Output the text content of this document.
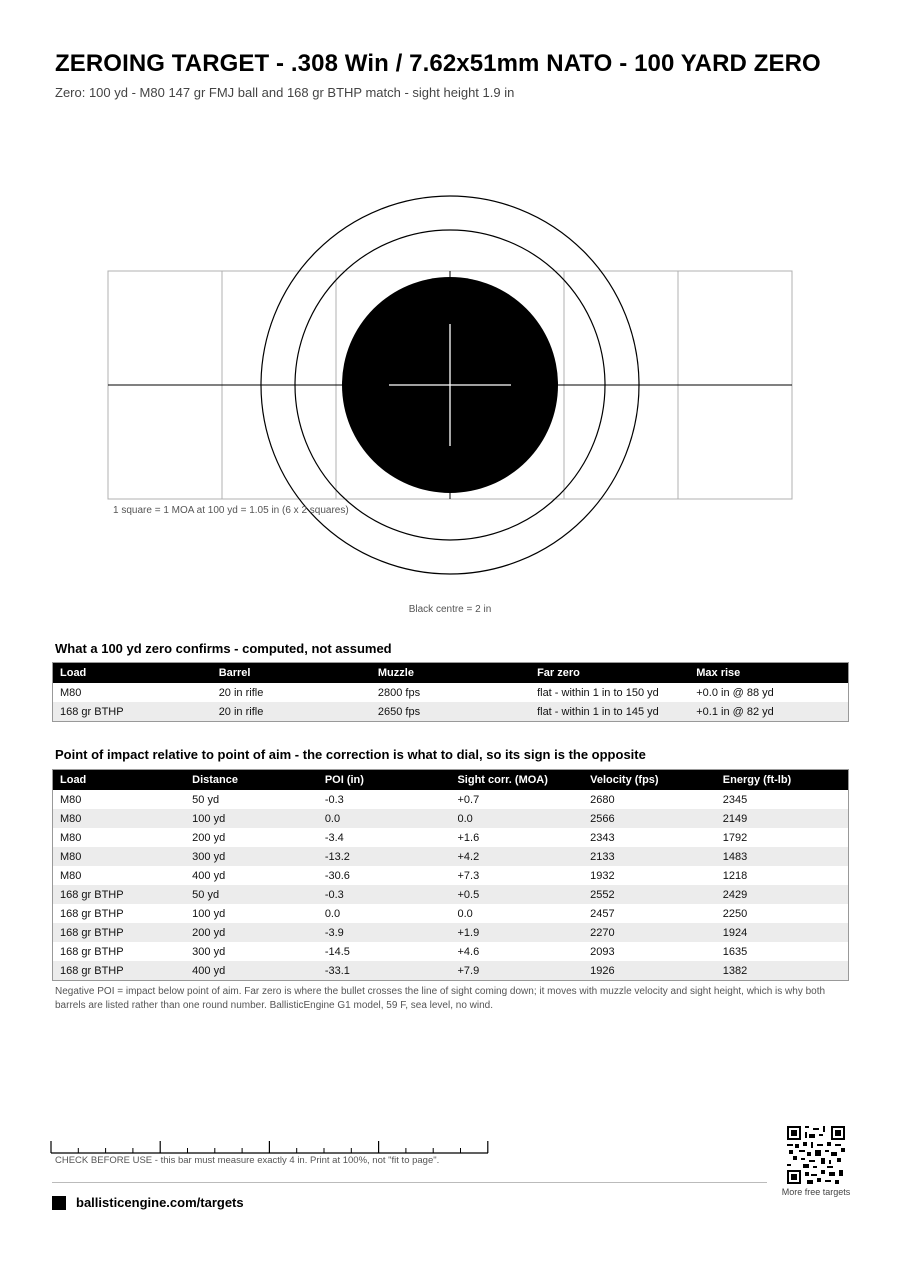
ZEROING TARGET - .308 Win / 7.62x51mm NATO - 100 YARD ZERO
Zero: 100 yd - M80 147 gr FMJ ball and 168 gr BTHP match - sight height 1.9 in
1 square = 1 MOA at 100 yd = 1.05 in (6 x 2 squares)
Black centre = 2 in
What a 100 yd zero confirms - computed, not assumed
Load	Barrel	Muzzle	Far zero	Max rise
M80	20 in rifle	2800 fps	flat - within 1 in to 150 yd	+0.0 in @ 88 yd
168 gr BTHP	20 in rifle	2650 fps	flat - within 1 in to 145 yd	+0.1 in @ 82 yd
Point of impact relative to point of aim - the correction is what to dial, so its sign is the opposite
Load	Distance	POI (in)	Sight corr. (MOA)	Velocity (fps)	Energy (ft-lb)
M80	50 yd	-0.3	+0.7	2680	2345
M80	100 yd	0.0	0.0	2566	2149
M80	200 yd	-3.4	+1.6	2343	1792
M80	300 yd	-13.2	+4.2	2133	1483
M80	400 yd	-30.6	+7.3	1932	1218
168 gr BTHP	50 yd	-0.3	+0.5	2552	2429
168 gr BTHP	100 yd	0.0	0.0	2457	2250
168 gr BTHP	200 yd	-3.9	+1.9	2270	1924
168 gr BTHP	300 yd	-14.5	+4.6	2093	1635
168 gr BTHP	400 yd	-33.1	+7.9	1926	1382
Negative POI = impact below point of aim. Far zero is where the bullet crosses the line of sight coming down; it moves with muzzle velocity and sight height, which is why both barrels are listed rather than one round number. BallisticEngine G1 model, 59 F, sea level, no wind.
CHECK BEFORE USE - this bar must measure exactly 4 in. Print at 100%, not "fit to page".
ballisticengine.com/targets
More free targets
